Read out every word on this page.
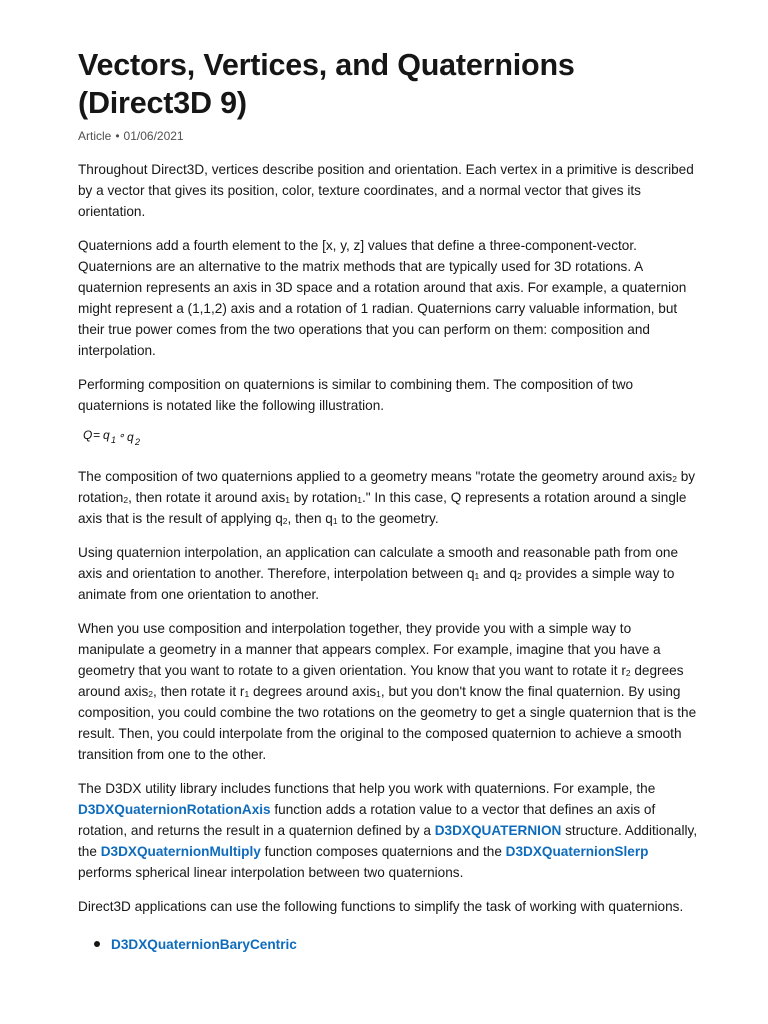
Vectors, Vertices, and Quaternions (Direct3D 9)
Article • 01/06/2021

Throughout Direct3D, vertices describe position and orientation. Each vertex in a primitive is described by a vector that gives its position, color, texture coordinates, and a normal vector that gives its orientation.

Quaternions add a fourth element to the [x, y, z] values that define a three-component-vector. Quaternions are an alternative to the matrix methods that are typically used for 3D rotations. A quaternion represents an axis in 3D space and a rotation around that axis. For example, a quaternion might represent a (1,1,2) axis and a rotation of 1 radian. Quaternions carry valuable information, but their true power comes from the two operations that you can perform on them: composition and interpolation.

Performing composition on quaternions is similar to combining them. The composition of two quaternions is notated like the following illustration.

Q = q 1 ∘ q 2

The composition of two quaternions applied to a geometry means "rotate the geometry around axis$_2$ by rotation$_2$, then rotate it around axis$_1$ by rotation$_1$." In this case, Q represents a rotation around a single axis that is the result of applying $q_2$, then $q_1$ to the geometry.

Using quaternion interpolation, an application can calculate a smooth and reasonable path from one axis and orientation to another. Therefore, interpolation between $q_1$ and $q_2$ provides a simple way to animate from one orientation to another.

When you use composition and interpolation together, they provide you with a simple way to manipulate a geometry in a manner that appears complex. For example, imagine that you have a geometry that you want to rotate to a given orientation. You know that you want to rotate it $r_2$ degrees around axis$_2$, then rotate it $r_1$ degrees around axis$_1$, but you don't know the final quaternion. By using composition, you could combine the two rotations on the geometry to get a single quaternion that is the result. Then, you could interpolate from the original to the composed quaternion to achieve a smooth transition from one to the other.

The D3DX utility library includes functions that help you work with quaternions. For example, the D3DXQuaternionRotationAxis function adds a rotation value to a vector that defines an axis of rotation, and returns the result in a quaternion defined by a D3DXQUATERNION structure. Additionally, the D3DXQuaternionMultiply function composes quaternions and the D3DXQuaternionSlerp performs spherical linear interpolation between two quaternions.

Direct3D applications can use the following functions to simplify the task of working with quaternions.

D3DXQuaternionBaryCentric
